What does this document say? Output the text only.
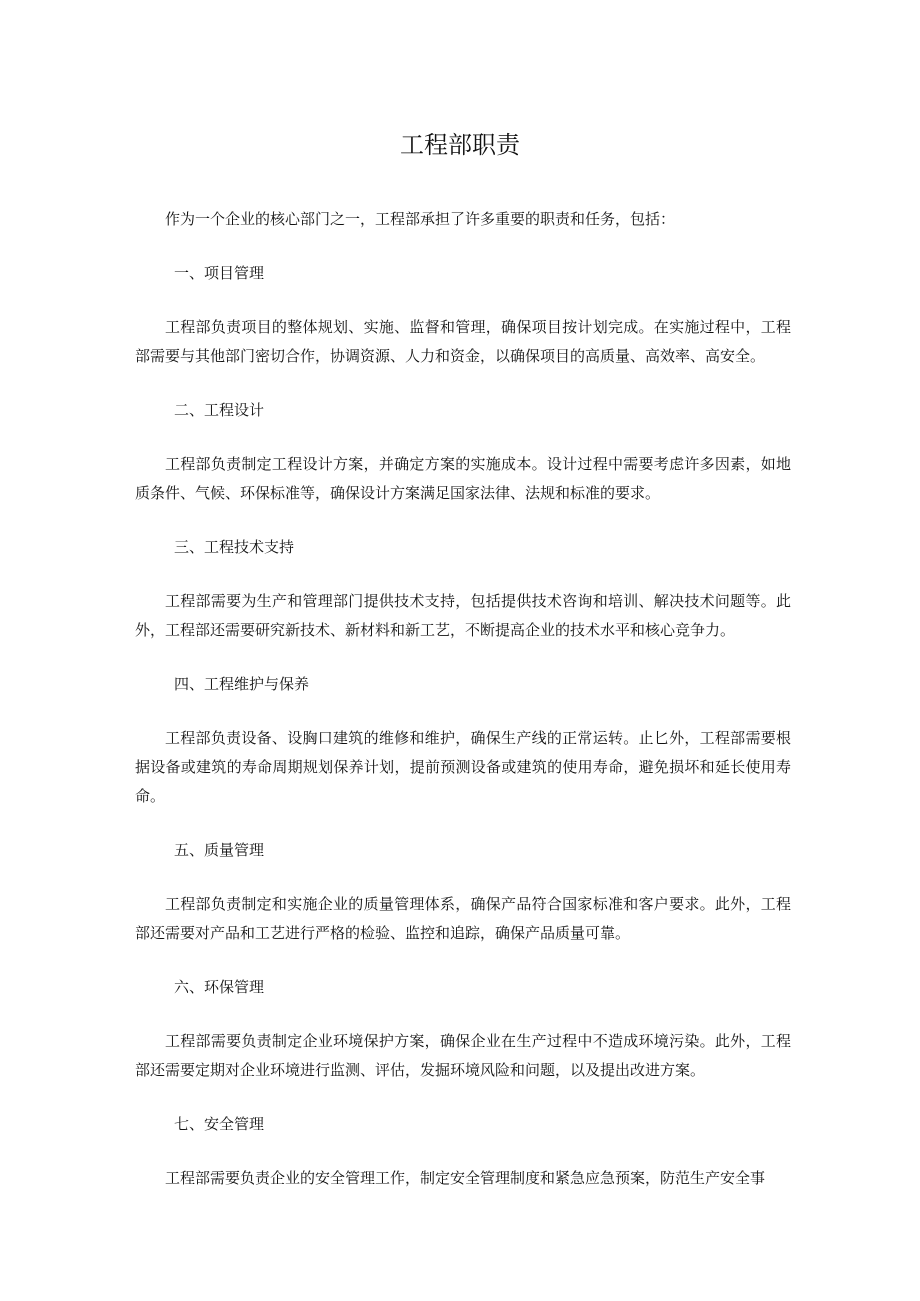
工程部职责

作为一个企业的核心部门之一，工程部承担了许多重要的职责和任务，包括：

一、项目管理

工程部负责项目的整体规划、实施、监督和管理，确保项目按计划完成。在实施过程中，工程部需要与其他部门密切合作，协调资源、人力和资金，以确保项目的高质量、高效率、高安全。

二、工程设计

工程部负责制定工程设计方案，并确定方案的实施成本。设计过程中需要考虑许多因素，如地质条件、气候、环保标准等，确保设计方案满足国家法律、法规和标准的要求。

三、工程技术支持

工程部需要为生产和管理部门提供技术支持，包括提供技术咨询和培训、解决技术问题等。此外，工程部还需要研究新技术、新材料和新工艺，不断提高企业的技术水平和核心竞争力。

四、工程维护与保养

工程部负责设备、设胸口建筑的维修和维护，确保生产线的正常运转。止匕外，工程部需要根据设备或建筑的寿命周期规划保养计划，提前预测设备或建筑的使用寿命，避免损坏和延长使用寿命。

五、质量管理

工程部负责制定和实施企业的质量管理体系，确保产品符合国家标准和客户要求。此外，工程部还需要对产品和工艺进行严格的检验、监控和追踪，确保产品质量可靠。

六、环保管理

工程部需要负责制定企业环境保护方案，确保企业在生产过程中不造成环境污染。此外，工程部还需要定期对企业环境进行监测、评估，发掘环境风险和问题，以及提出改进方案。

七、安全管理

工程部需要负责企业的安全管理工作，制定安全管理制度和紧急应急预案，防范生产安全事
